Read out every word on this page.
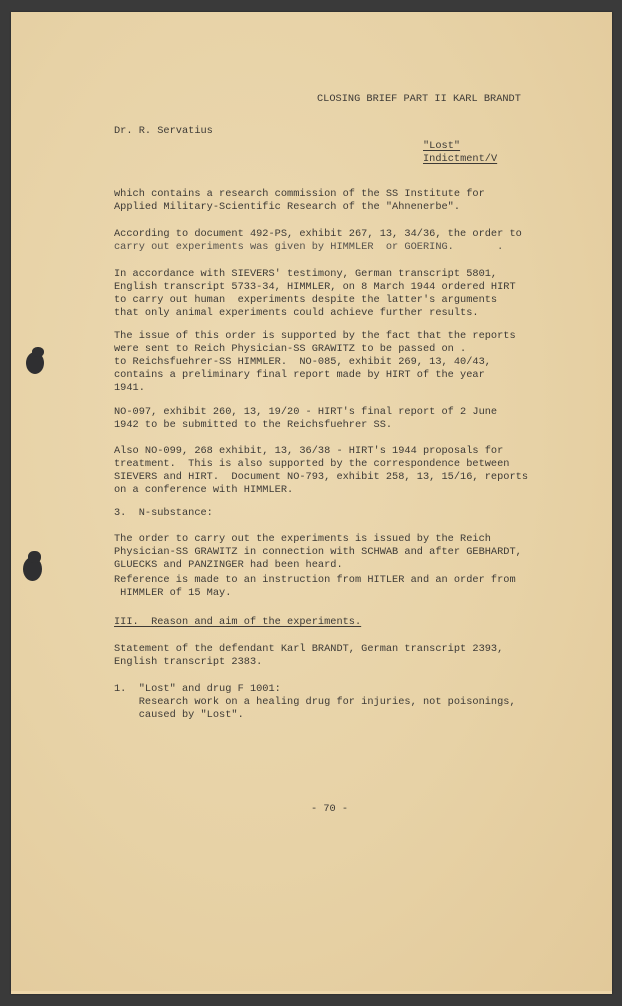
CLOSING BRIEF PART II KARL BRANDT
Dr. R. Servatius
"Lost"
Indictment/V
which contains a research commission of the SS Institute for
Applied Military-Scientific Research of the "Ahnenerbe".
According to document 492-PS, exhibit 267, 13, 34/36, the order to
carry out experiments was given by HIMMLER  or GOERING.       .
In accordance with SIEVERS' testimony, German transcript 5801,
English transcript 5733-34, HIMMLER, on 8 March 1944 ordered HIRT
to carry out human  experiments despite the latter's arguments
that only animal experiments could achieve further results.
The issue of this order is supported by the fact that the reports
were sent to Reich Physician-SS GRAWITZ to be passed on .
to Reichsfuehrer-SS HIMMLER.  NO-085, exhibit 269, 13, 40/43,
contains a preliminary final report made by HIRT of the year
1941.
NO-097, exhibit 260, 13, 19/20 - HIRT's final report of 2 June
1942 to be submitted to the Reichsfuehrer SS.
Also NO-099, 268 exhibit, 13, 36/38 - HIRT's 1944 proposals for
treatment.  This is also supported by the correspondence between
SIEVERS and HIRT.  Document NO-793, exhibit 258, 13, 15/16, reports
on a conference with HIMMLER.
3.  N-substance:
The order to carry out the experiments is issued by the Reich
Physician-SS GRAWITZ in connection with SCHWAB and after GEBHARDT,
GLUECKS and PANZINGER had been heard.
Reference is made to an instruction from HITLER and an order from
HIMMLER of 15 May.
III.  Reason and aim of the experiments.
Statement of the defendant Karl BRANDT, German transcript 2393,
English transcript 2383.
1.  "Lost" and drug F 1001:
Research work on a healing drug for injuries, not poisonings,
caused by "Lost".
- 70 -
